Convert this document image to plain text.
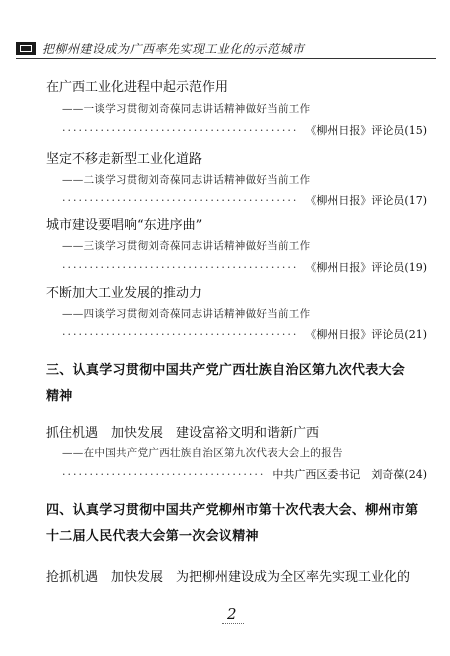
把柳州建设成为广西率先实现工业化的示范城市
在广西工业化进程中起示范作用
——一谈学习贯彻刘奇葆同志讲话精神做好当前工作
·····
《柳州日报》评论员(15)
坚定不移走新型工业化道路
——二谈学习贯彻刘奇葆同志讲话精神做好当前工作
·····
《柳州日报》评论员(17)
城市建设要唱响“东进序曲”
——三谈学习贯彻刘奇葆同志讲话精神做好当前工作
·····
《柳州日报》评论员(19)
不断加大工业发展的推动力
——四谈学习贯彻刘奇葆同志讲话精神做好当前工作
·····
《柳州日报》评论员(21)
三、认真学习贯彻中国共产党广西壮族自治区第九次代表大会
精神
抓住机遇　加快发展　建设富裕文明和谐新广西
——在中国共产党广西壮族自治区第九次代表大会上的报告
·····
中共广西区委书记　刘奇葆(24)
四、认真学习贯彻中国共产党柳州市第十次代表大会、柳州市第
十二届人民代表大会第一次会议精神
抢抓机遇　加快发展　为把柳州建设成为全区率先实现工业化的
2
